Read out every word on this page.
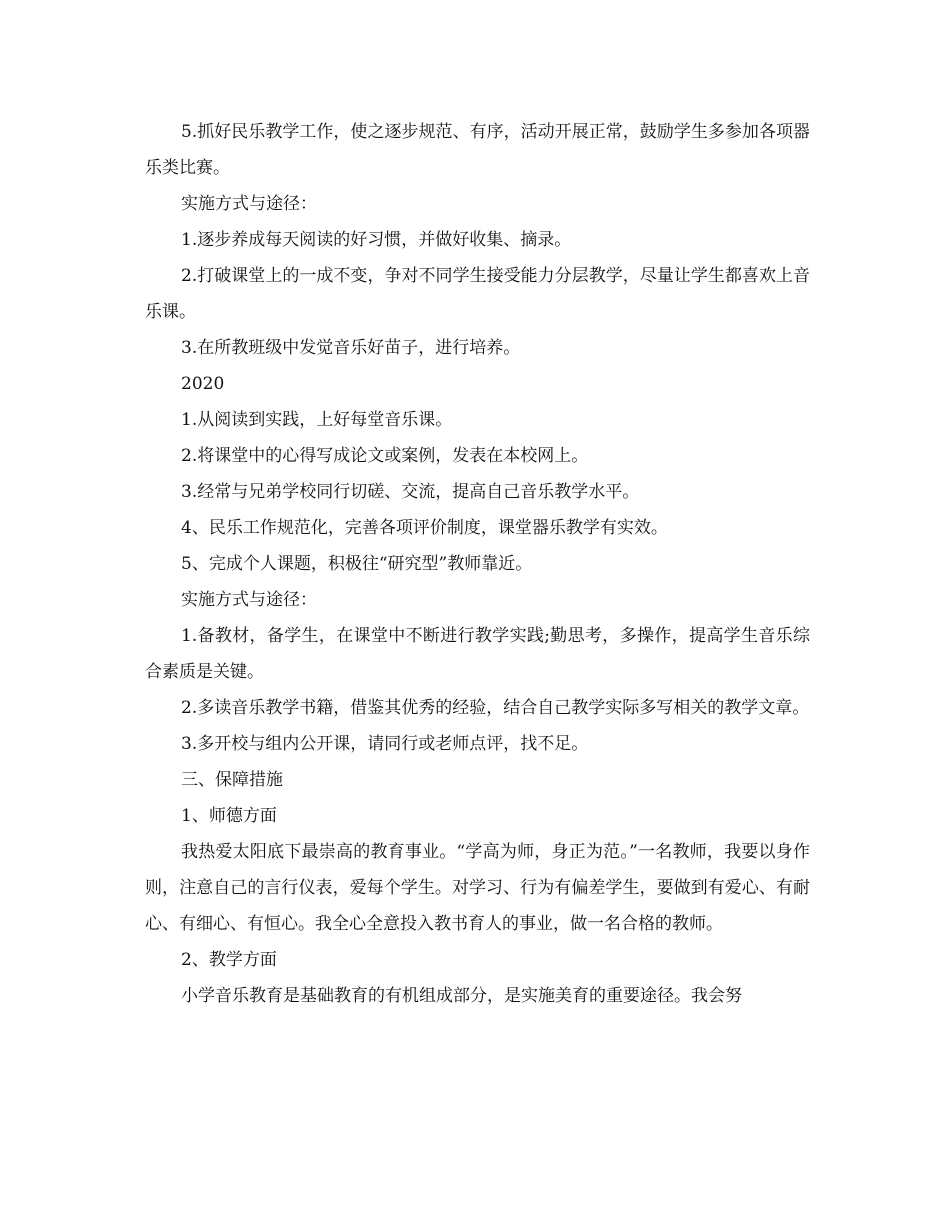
5.抓好民乐教学工作，使之逐步规范、有序，活动开展正常，鼓励学生多参加各项器乐类比赛。

实施方式与途径：

1.逐步养成每天阅读的好习惯，并做好收集、摘录。

2.打破课堂上的一成不变，争对不同学生接受能力分层教学，尽量让学生都喜欢上音乐课。

3.在所教班级中发觉音乐好苗子，进行培养。

2020

1.从阅读到实践，上好每堂音乐课。

2.将课堂中的心得写成论文或案例，发表在本校网上。

3.经常与兄弟学校同行切磋、交流，提高自己音乐教学水平。

4、民乐工作规范化，完善各项评价制度，课堂器乐教学有实效。

5、完成个人课题，积极往“研究型”教师靠近。

实施方式与途径：

1.备教材，备学生，在课堂中不断进行教学实践;勤思考，多操作，提高学生音乐综合素质是关键。

2.多读音乐教学书籍，借鉴其优秀的经验，结合自己教学实际多写相关的教学文章。

3.多开校与组内公开课，请同行或老师点评，找不足。

三、保障措施

1、师德方面

我热爱太阳底下最崇高的教育事业。“学高为师，身正为范。”一名教师，我要以身作则，注意自己的言行仪表，爱每个学生。对学习、行为有偏差学生，要做到有爱心、有耐心、有细心、有恒心。我全心全意投入教书育人的事业，做一名合格的教师。

2、教学方面

小学音乐教育是基础教育的有机组成部分，是实施美育的重要途径。我会努
